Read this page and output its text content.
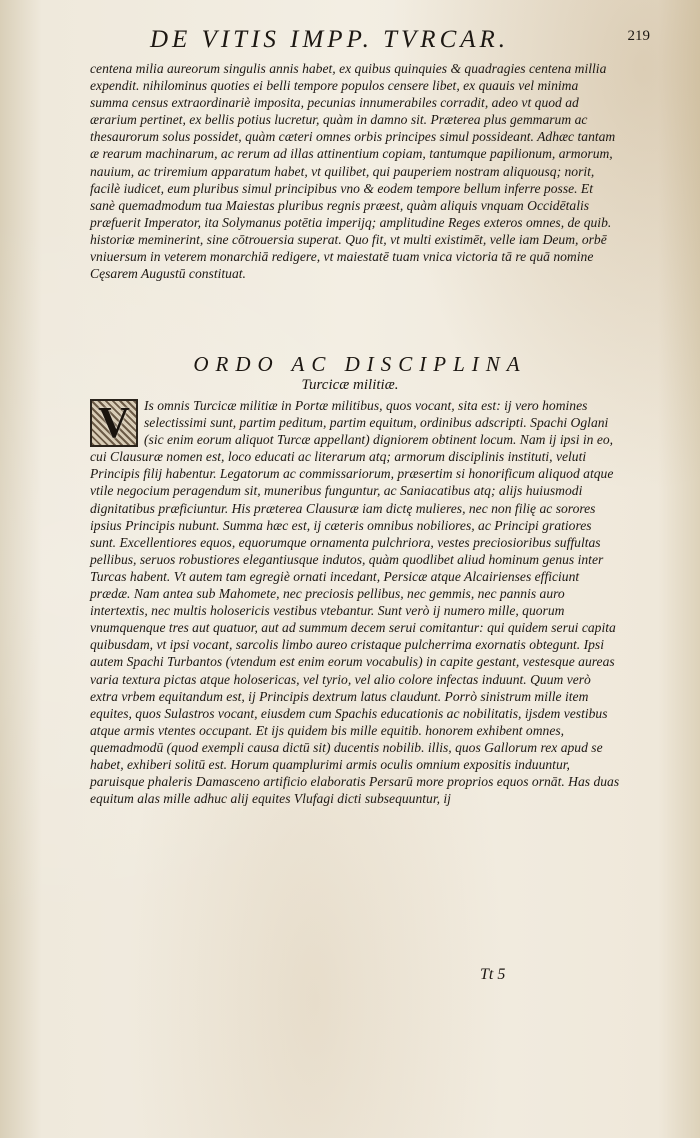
DE VITIS IMPP. TVRCAR.	219
centena milia aureorum singulis annis habet, ex quibus quinquies & quadragies centena millia expendit. nihilominus quoties ei belli tempore populos censere libet, ex quauis vel minima summa census extraordinariè imposita, pecunias innumerabiles corradit, adeo vt quod ad ærarium pertinet, ex bellis potius lucretur, quàm in damno sit. Præterea plus gemmarum ac thesaurorum solus possidet, quàm cæteri omnes orbis principes simul possideant. Adhæc tantam æ rearum machinarum, ac rerum ad illas attinentium copiam, tantumque papilionum, armorum, nauium, ac triremium apparatum habet, vt quilibet, qui pauperiem nostram aliquousq; norit, facilè iudicet, eum pluribus simul principibus vno & eodem tempore bellum inferre posse. Et sanè quemadmodum tua Maiestas pluribus regnis præest, quàm aliquis vnquam Occidētalis præfuerit Imperator, ita Solymanus potētia imperijq; amplitudine Reges exteros omnes, de quib. historiæ meminerint, sine cōtrouersia superat. Quo fit, vt multi existimēt, velle iam Deum, orbē vniuersum in veterem monarchiā redigere, vt maiestatē tuam vnica victoria tā re quā nomine Cęsarem Augustū constituat.
ORDO AC DISCIPLINA
Turcicæ militiæ.
V	Is omnis Turcicæ militiæ in Portæ militibus, quos vocant, sita est: ij vero homines selectissimi sunt, partim peditum, partim equitum, ordinibus adscripti. Spachi Oglani (sic enim eorum aliquot Turcæ appellant) digniorem obtinent locum. Nam ij ipsi in eo, cui Clausuræ nomen est, loco educati ac literarum atq; armorum disciplinis instituti, veluti Principis filij habentur. Legatorum ac commissariorum, præsertim si honorificum aliquod atque vtile negocium peragendum sit, muneribus funguntur, ac Saniacatibus atq; alijs huiusmodi dignitatibus præficiuntur. His præterea Clausuræ iam dictę mulieres, nec non filię ac sorores ipsius Principis nubunt. Summa hæc est, ij cæteris omnibus nobiliores, ac Principi gratiores sunt. Excellentiores equos, equorumque ornamenta pulchriora, vestes preciosioribus suffultas pellibus, seruos robustiores elegantiusque indutos, quàm quodlibet aliud hominum genus inter Turcas habent. Vt autem tam egregiè ornati incedant, Persicæ atque Alcairienses efficiunt prædæ. Nam antea sub Mahomete, nec preciosis pellibus, nec gemmis, nec pannis auro intertextis, nec multis holosericis vestibus vtebantur. Sunt verò ij numero mille, quorum vnumquenque tres aut quatuor, aut ad summum decem serui comitantur: qui quidem serui capita quibusdam, vt ipsi vocant, sarcolis limbo aureo cristaque pulcherrima exornatis obtegunt. Ipsi autem Spachi Turbantos (vtendum est enim eorum vocabulis) in capite gestant, vestesque aureas varia textura pictas atque holosericas, vel tyrio, vel alio colore infectas induunt. Quum verò extra vrbem equitandum est, ij Principis dextrum latus claudunt. Porrò sinistrum mille item equites, quos Sulastros vocant, eiusdem cum Spachis educationis ac nobilitatis, ijsdem vestibus atque armis vtentes occupant. Et ijs quidem bis mille equitib. honorem exhibent omnes, quemadmodū (quod exempli causa dictū sit) ducentis nobilib. illis, quos Gallorum rex apud se habet, exhiberi solitū est. Horum quamplurimi armis oculis omnium expositis induuntur, paruisque phaleris Damasceno artificio elaboratis Persarū more proprios equos ornāt. Has duas equitum alas mille adhuc alij equites Vlufagi dicti subsequuntur, ij
Tt 5
